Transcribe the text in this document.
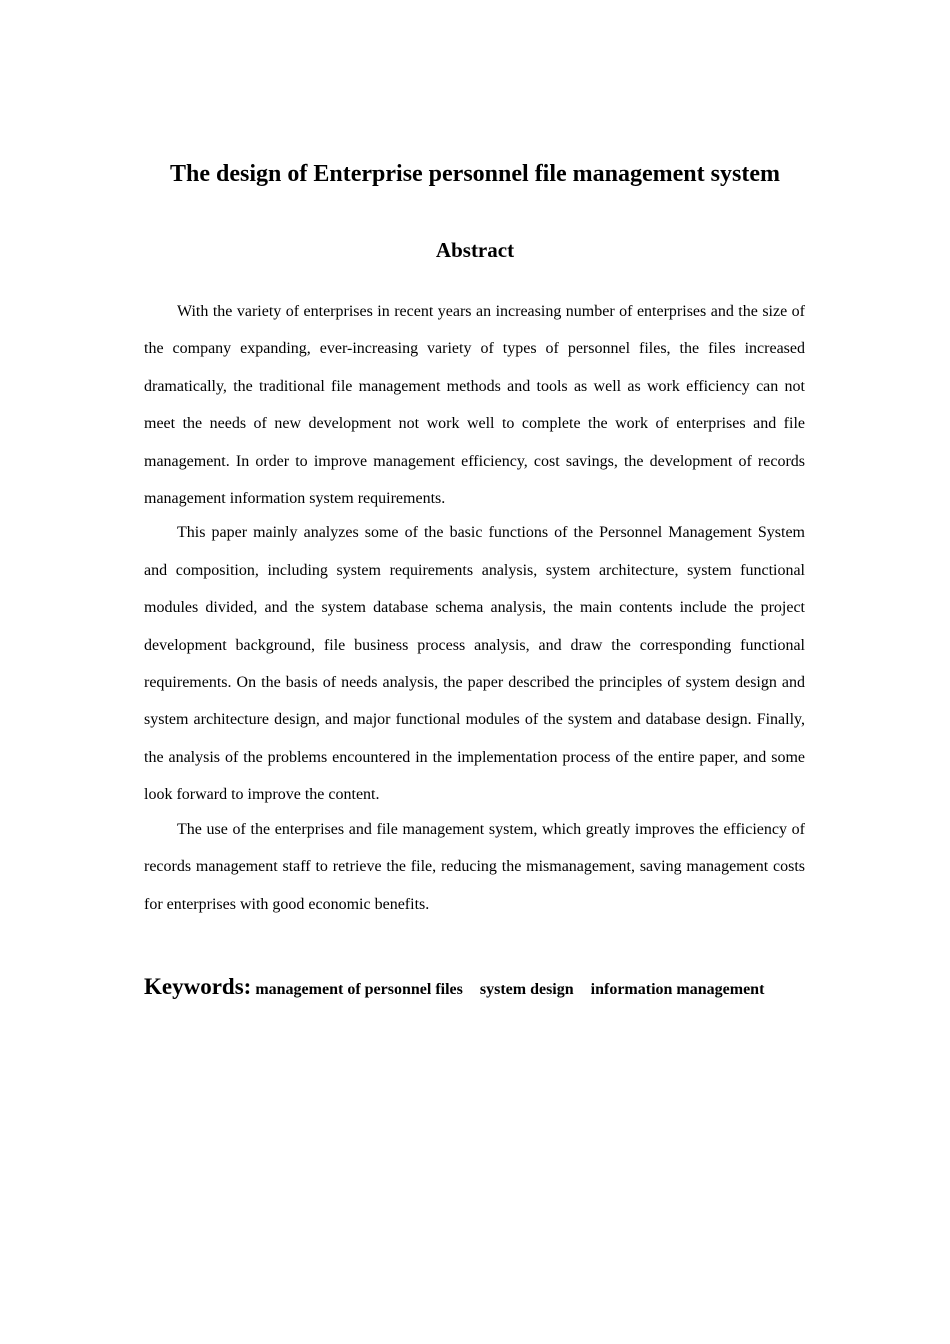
The design of Enterprise personnel file management system
Abstract

With the variety of enterprises in recent years an increasing number of enterprises and the size of the company expanding, ever-increasing variety of types of personnel files, the files increased dramatically, the traditional file management methods and tools as well as work efficiency can not meet the needs of new development not work well to complete the work of enterprises and file management. In order to improve management efficiency, cost savings, the development of records management information system requirements.

This paper mainly analyzes some of the basic functions of the Personnel Management System and composition, including system requirements analysis, system architecture, system functional modules divided, and the system database schema analysis, the main contents include the project development background, file business process analysis, and draw the corresponding functional requirements. On the basis of needs analysis, the paper described the principles of system design and system architecture design, and major functional modules of the system and database design. Finally, the analysis of the problems encountered in the implementation process of the entire paper, and some look forward to improve the content.

The use of the enterprises and file management system, which greatly improves the efficiency of records management staff to retrieve the file, reducing the mismanagement, saving management costs for enterprises with good economic benefits.

Keywords: management of personnel files system design information management
